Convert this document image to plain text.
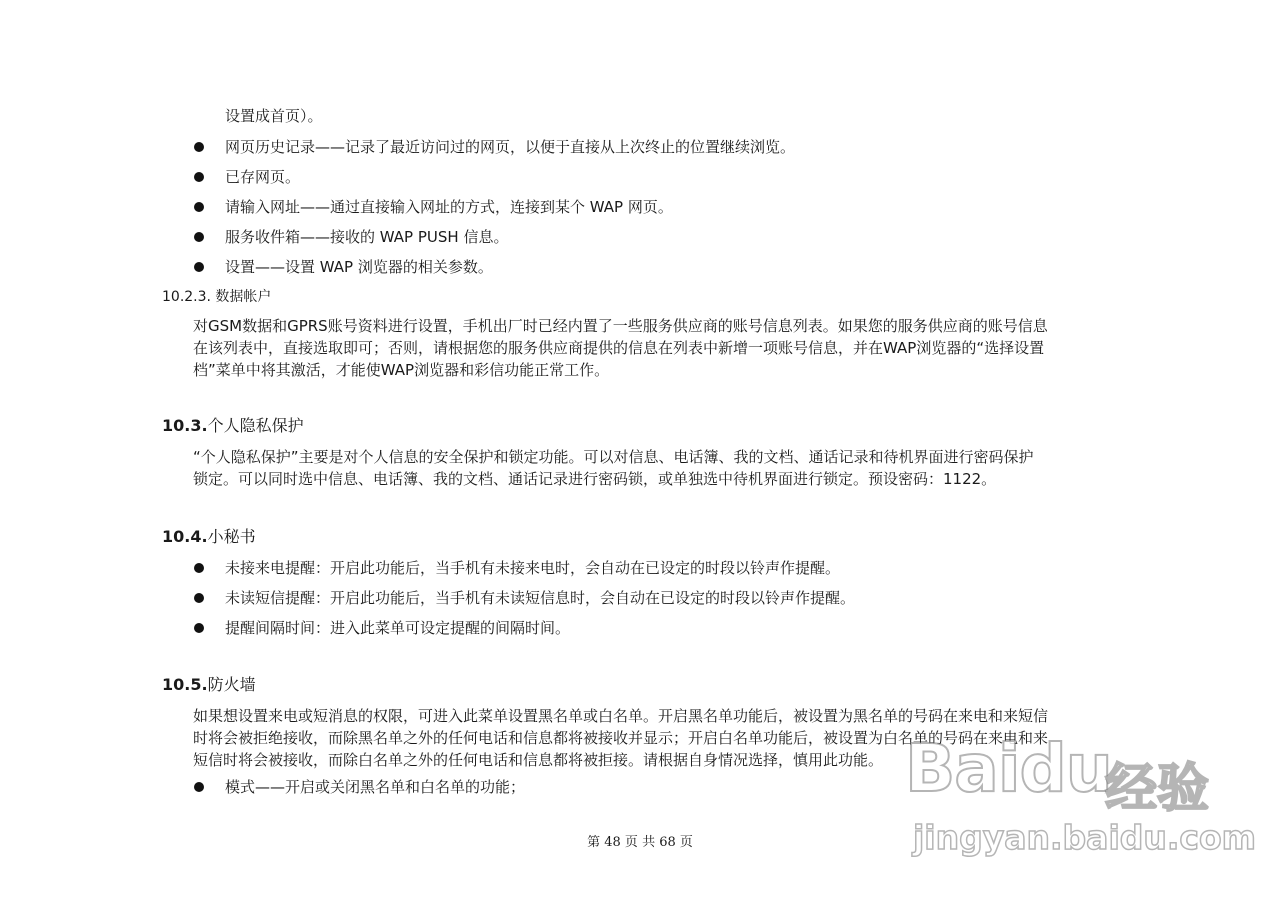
设置成首页）。
网页历史记录——记录了最近访问过的网页，以便于直接从上次终止的位置继续浏览。
已存网页。
请输入网址——通过直接输入网址的方式，连接到某个 WAP 网页。
服务收件箱——接收的 WAP PUSH 信息。
设置——设置 WAP 浏览器的相关参数。
10.2.3. 数据帐户
对GSM数据和GPRS账号资料进行设置，手机出厂时已经内置了一些服务供应商的账号信息列表。如果您的服务供应商的账号信息
在该列表中，直接选取即可；否则，请根据您的服务供应商提供的信息在列表中新增一项账号信息，并在WAP浏览器的“选择设置
档”菜单中将其激活，才能使WAP浏览器和彩信功能正常工作。
10.3.个人隐私保护
“个人隐私保护”主要是对个人信息的安全保护和锁定功能。可以对信息、电话簿、我的文档、通话记录和待机界面进行密码保护
锁定。可以同时选中信息、电话簿、我的文档、通话记录进行密码锁，或单独选中待机界面进行锁定。预设密码：1122。
10.4.小秘书
未接来电提醒：开启此功能后，当手机有未接来电时，会自动在已设定的时段以铃声作提醒。
未读短信提醒：开启此功能后，当手机有未读短信息时，会自动在已设定的时段以铃声作提醒。
提醒间隔时间：进入此菜单可设定提醒的间隔时间。
10.5.防火墙
如果想设置来电或短消息的权限，可进入此菜单设置黑名单或白名单。开启黑名单功能后，被设置为黑名单的号码在来电和来短信
时将会被拒绝接收，而除黑名单之外的任何电话和信息都将被接收并显示；开启白名单功能后，被设置为白名单的号码在来电和来
短信时将会被接收，而除白名单之外的任何电话和信息都将被拒接。请根据自身情况选择，慎用此功能。
模式——开启或关闭黑名单和白名单的功能；
第 48 页 共 68 页
Baidu
经验
jingyan.baidu.com
